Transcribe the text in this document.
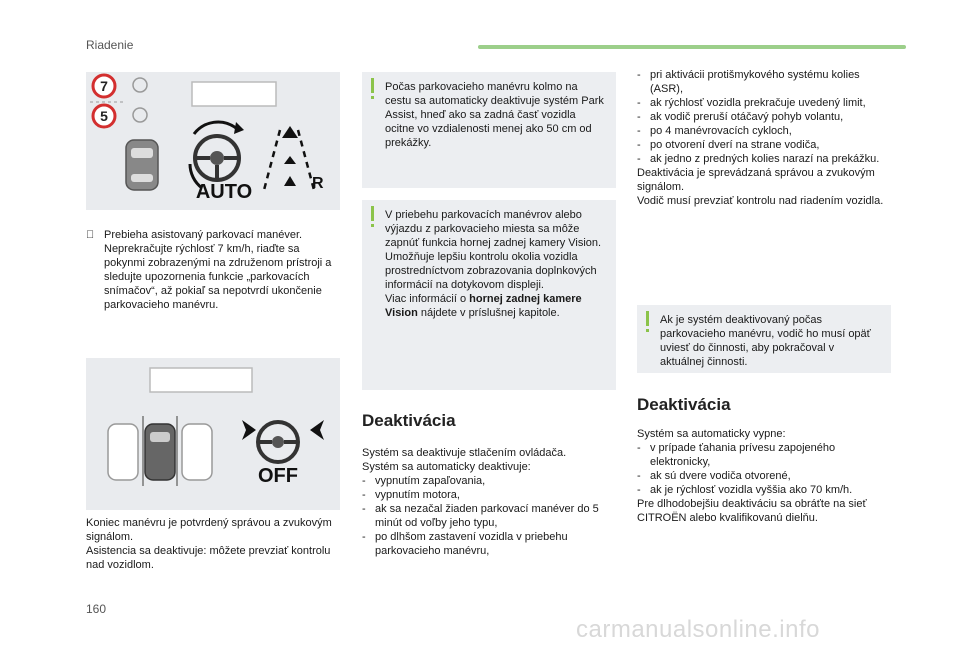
Riadenie
7
5
AUTO	R
Prebieha asistovaný parkovací manéver. Neprekračujte rýchlosť 7 km/h, riaďte sa pokynmi zobrazenými na združenom prístroji a sledujte upozornenia funkcie „parkovacích snímačov“, až pokiaľ sa nepotvrdí ukončenie parkovacieho manévru.
OFF

Koniec manévru je potvrdený správou a zvukovým signálom.

Asistencia sa deaktivuje: môžete prevziať kontrolu nad vozidlom.

Počas parkovacieho manévru kolmo na cestu sa automaticky deaktivuje systém Park Assist, hneď ako sa zadná časť vozidla ocitne vo vzdialenosti menej ako 50 cm od prekážky.

V priebehu parkovacích manévrov alebo výjazdu z parkovacieho miesta sa môže zapnúť funkcia hornej zadnej kamery Vision. Umožňuje lepšiu kontrolu okolia vozidla prostredníctvom zobrazovania doplnkových informácií na dotykovom displeji.

Viac informácií o hornej zadnej kamere Vision nájdete v príslušnej kapitole.

Deaktivácia

Systém sa deaktivuje stlačením ovládača.

Systém sa automaticky deaktivuje:

- vypnutím zapaľovania,
- vypnutím motora,
- ak sa nezačal žiaden parkovací manéver do 5 minút od voľby jeho typu,
- po dlhšom zastavení vozidla v priebehu parkovacieho manévru,
- pri aktivácii protišmykového systému kolies (ASR),
- ak rýchlosť vozidla prekračuje uvedený limit,
- ak vodič preruší otáčavý pohyb volantu,
- po 4 manévrovacích cykloch,
- po otvorení dverí na strane vodiča,
- ak jedno z predných kolies narazí na prekážku.

Deaktivácia je sprevádzaná správou a zvukovým signálom.

Vodič musí prevziať kontrolu nad riadením vozidla.

Ak je systém deaktivovaný počas parkovacieho manévru, vodič ho musí opäť uviesť do činnosti, aby pokračoval v aktuálnej činnosti.
Deaktivácia

Systém sa automaticky vypne:

- v prípade ťahania prívesu zapojeného elektronicky,
- ak sú dvere vodiča otvorené,
- ak je rýchlosť vozidla vyššia ako 70 km/h.

Pre dlhodobejšiu deaktiváciu sa obráťte na sieť CITROËN alebo kvalifikovanú dielňu.

160
carmanualsonline.info
